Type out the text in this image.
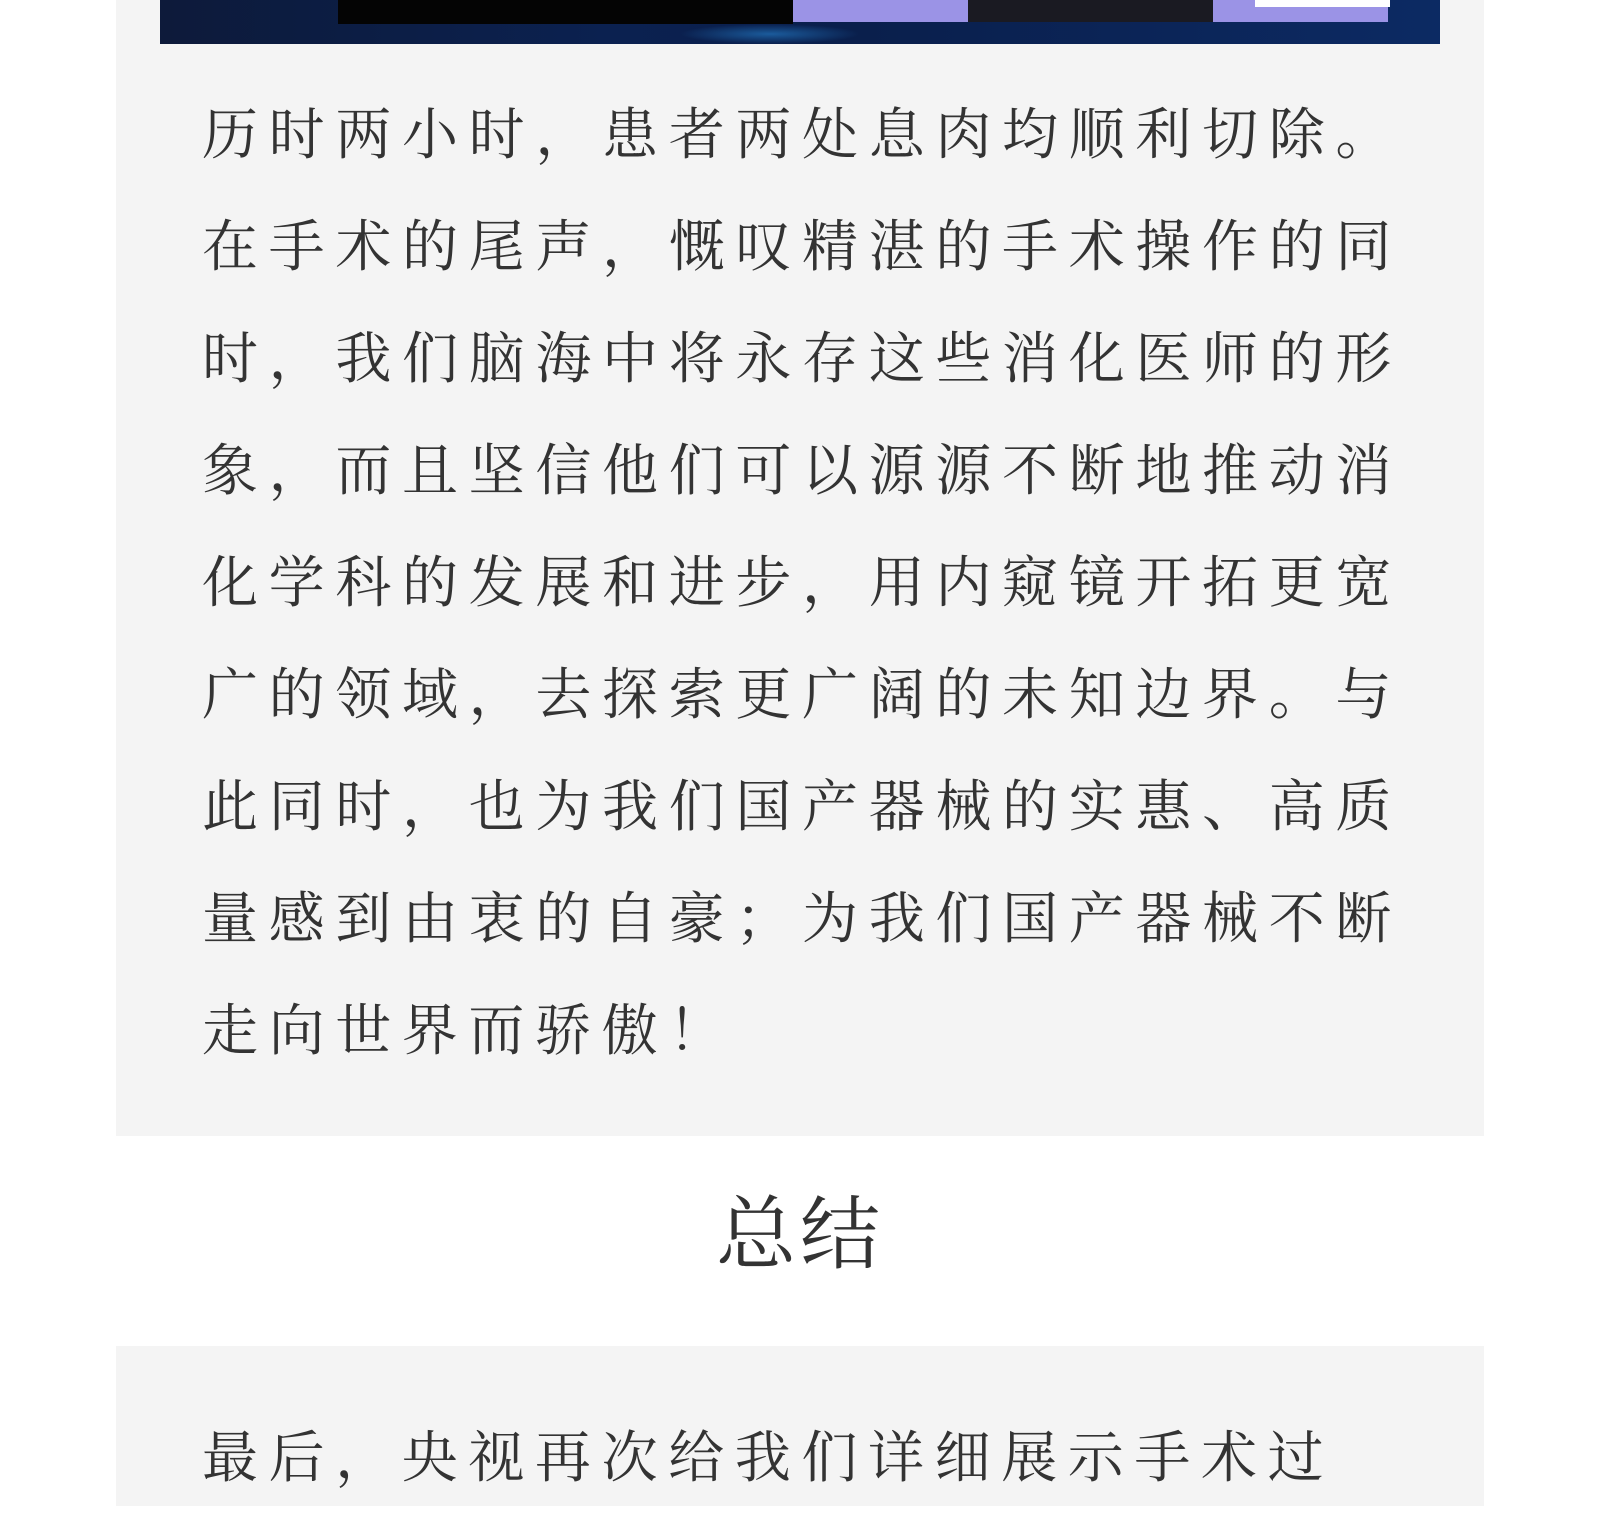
历时两小时，患者两处息肉均顺利切除。在手术的尾声，慨叹精湛的手术操作的同时，我们脑海中将永存这些消化医师的形象，而且坚信他们可以源源不断地推动消化学科的发展和进步，用内窥镜开拓更宽广的领域，去探索更广阔的未知边界。与此同时，也为我们国产器械的实惠、高质量感到由衷的自豪；为我们国产器械不断走向世界而骄傲！

总结

最后，央视再次给我们详细展示手术过
